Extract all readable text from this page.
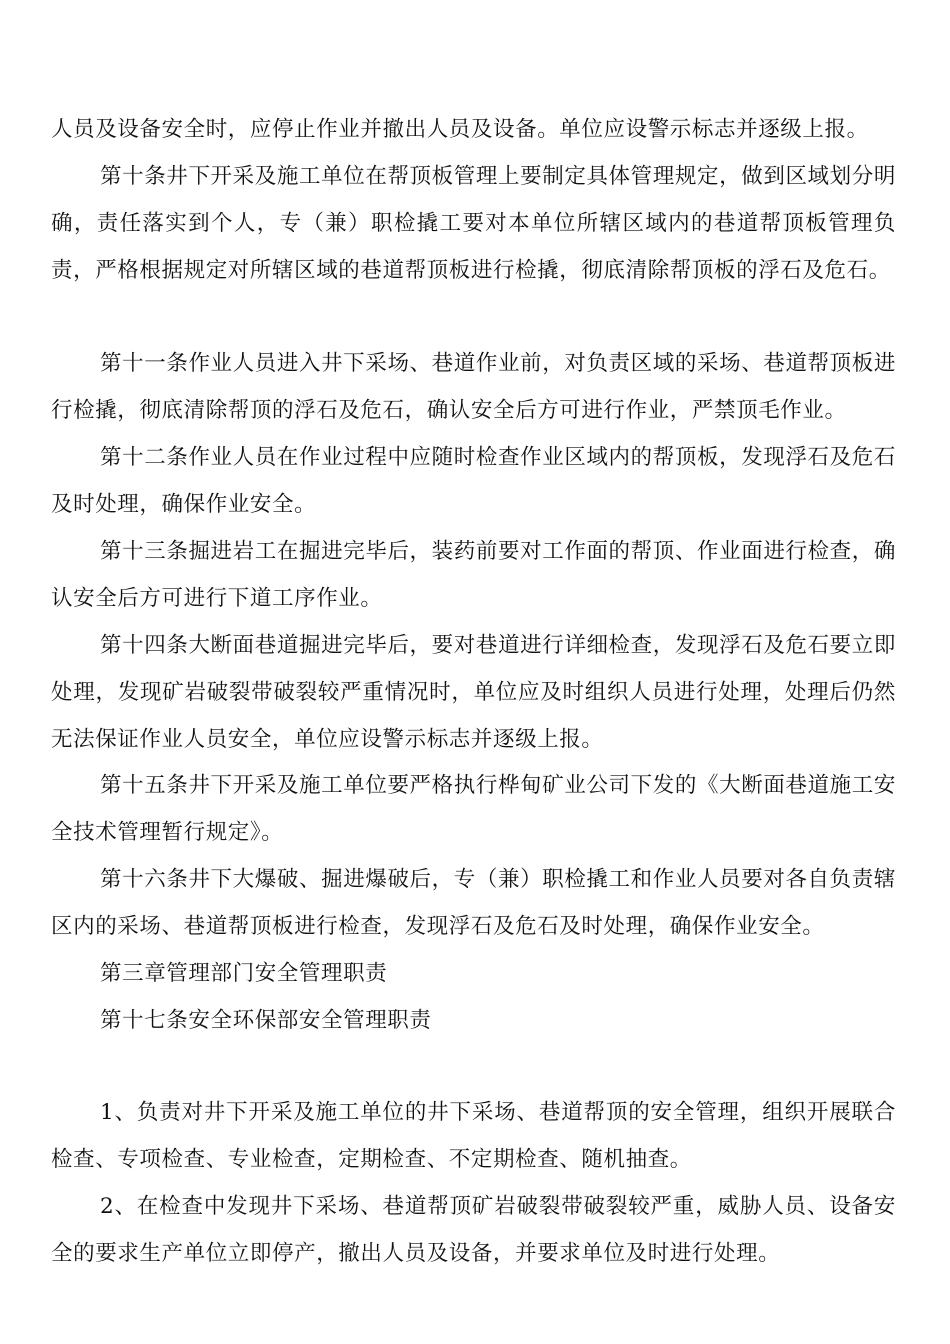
人员及设备安全时，应停止作业并撤出人员及设备。单位应设警示标志并逐级上报。

第十条井下开采及施工单位在帮顶板管理上要制定具体管理规定，做到区域划分明确，责任落实到个人，专（兼）职检撬工要对本单位所辖区域内的巷道帮顶板管理负责，严格根据规定对所辖区域的巷道帮顶板进行检撬，彻底清除帮顶板的浮石及危石。

第十一条作业人员进入井下采场、巷道作业前，对负责区域的采场、巷道帮顶板进行检撬，彻底清除帮顶的浮石及危石，确认安全后方可进行作业，严禁顶毛作业。

第十二条作业人员在作业过程中应随时检查作业区域内的帮顶板，发现浮石及危石及时处理，确保作业安全。

第十三条掘进岩工在掘进完毕后，装药前要对工作面的帮顶、作业面进行检查，确认安全后方可进行下道工序作业。

第十四条大断面巷道掘进完毕后，要对巷道进行详细检查，发现浮石及危石要立即处理，发现矿岩破裂带破裂较严重情况时，单位应及时组织人员进行处理，处理后仍然无法保证作业人员安全，单位应设警示标志并逐级上报。

第十五条井下开采及施工单位要严格执行桦甸矿业公司下发的《大断面巷道施工安全技术管理暂行规定》。

第十六条井下大爆破、掘进爆破后，专（兼）职检撬工和作业人员要对各自负责辖区内的采场、巷道帮顶板进行检查，发现浮石及危石及时处理，确保作业安全。

第三章管理部门安全管理职责

第十七条安全环保部安全管理职责

1、负责对井下开采及施工单位的井下采场、巷道帮顶的安全管理，组织开展联合检查、专项检查、专业检查，定期检查、不定期检查、随机抽查。

2、在检查中发现井下采场、巷道帮顶矿岩破裂带破裂较严重，威胁人员、设备安全的要求生产单位立即停产，撤出人员及设备，并要求单位及时进行处理。
